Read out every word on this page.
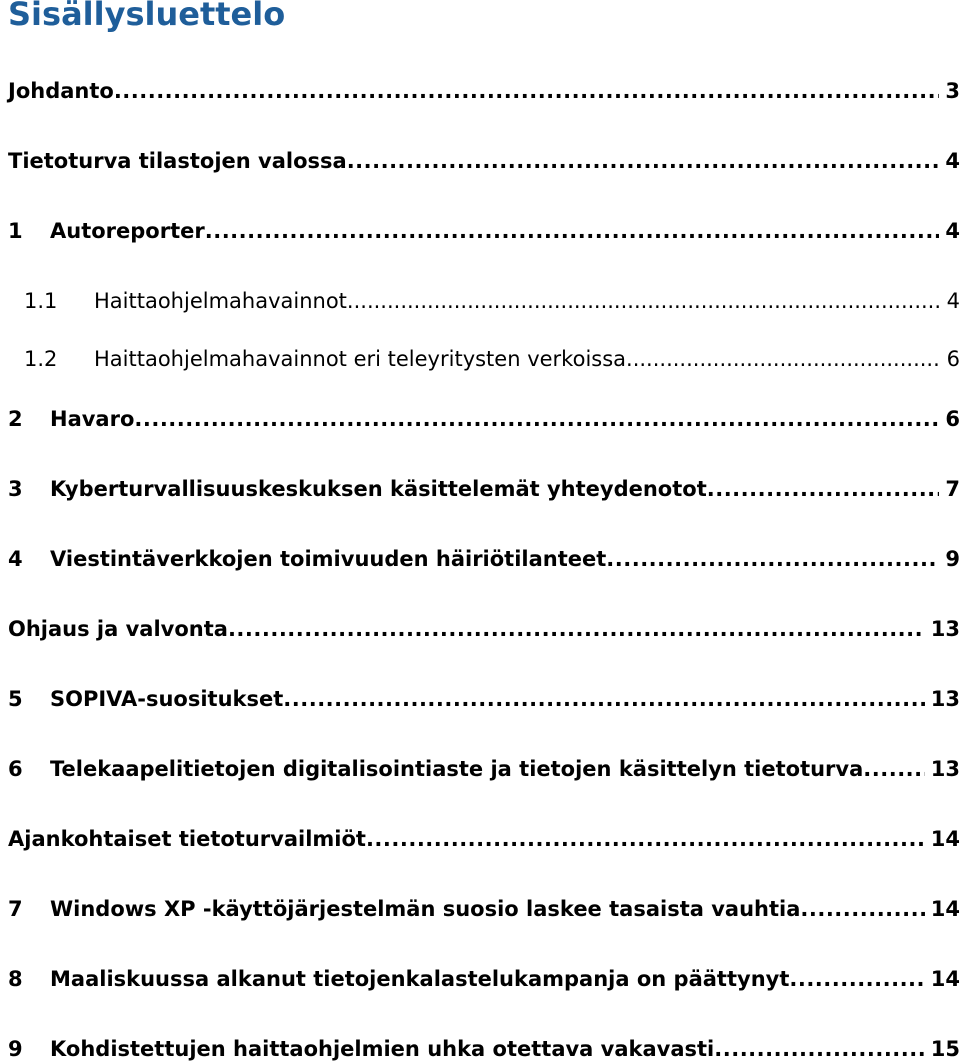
Sisällysluettelo
Johdanto .....	3
Tietoturva tilastojen valossa .....	4
1	Autoreporter .....	4
1.1	Haittaohjelmahavainnot .....	4
1.2	Haittaohjelmahavainnot eri teleyritysten verkoissa .....	6
2	Havaro .....	6
3	Kyberturvallisuuskeskuksen käsittelemät yhteydenotot .....	7
4	Viestintäverkkojen toimivuuden häiriötilanteet .....	9
Ohjaus ja valvonta .....	13
5	SOPIVA-suositukset .....	13
6	Telekaapelitietojen digitalisointiaste ja tietojen käsittelyn tietoturva .....	13
Ajankohtaiset tietoturvailmiöt .....	14
7	Windows XP -käyttöjärjestelmän suosio laskee tasaista vauhtia .....	14
8	Maaliskuussa alkanut tietojenkalastelukampanja on päättynyt .....	14
9	Kohdistettujen haittaohjelmien uhka otettava vakavasti .....	15
